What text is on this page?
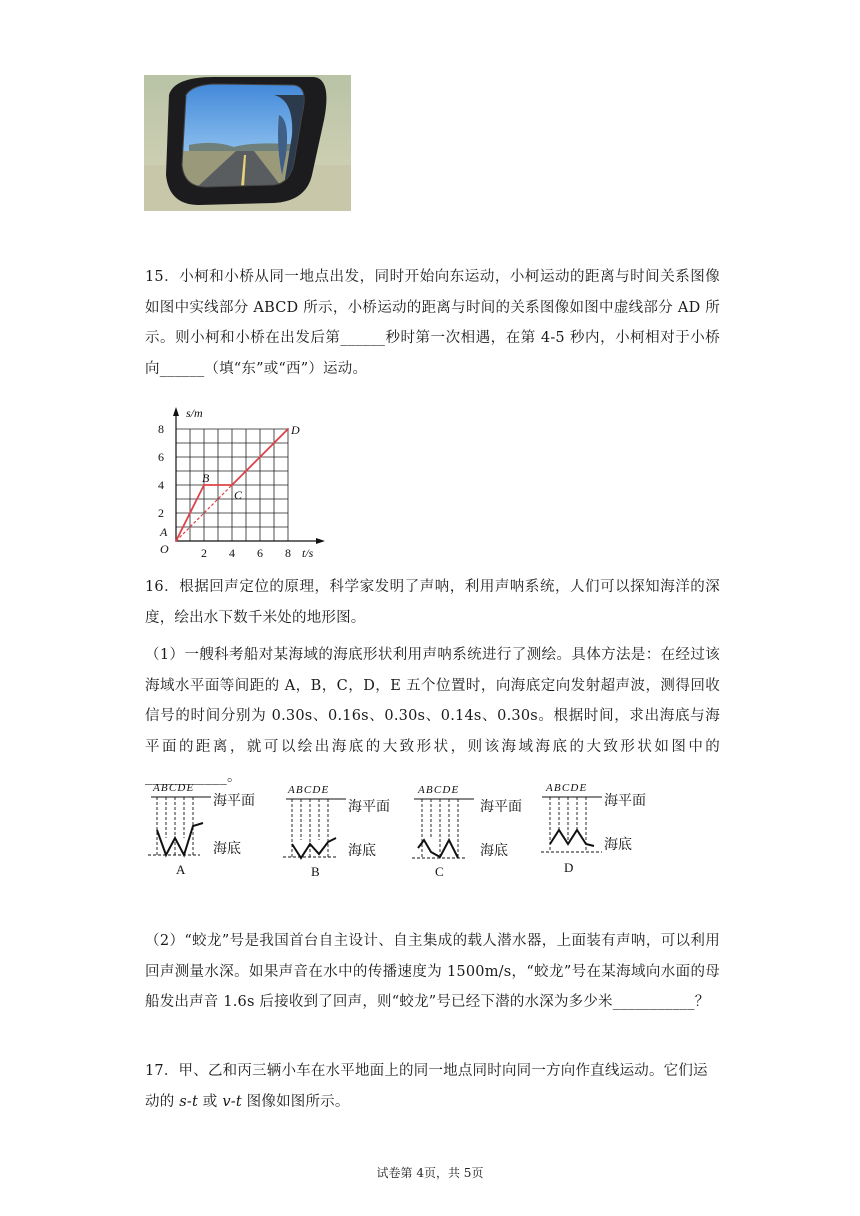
15．小柯和小桥从同一地点出发，同时开始向东运动，小柯运动的距离与时间关系图像如图中实线部分 ABCD 所示，小桥运动的距离与时间的关系图像如图中虚线部分 AD 所示。则小柯和小桥在出发后第______秒时第一次相遇，在第 4-5 秒内，小柯相对于小桥向______（填“东”或“西”）运动。
2 4 6 8
2
4
6
8
O
s/m
t/s
A
B
C
D
16．根据回声定位的原理，科学家发明了声呐，利用声呐系统，人们可以探知海洋的深度，绘出水下数千米处的地形图。
（1）一艘科考船对某海域的海底形状利用声呐系统进行了测绘。具体方法是：在经过该海域水平面等间距的 A，B，C，D，E 五个位置时，向海底定向发射超声波，测得回收信号的时间分别为 0.30s、0.16s、0.30s、0.14s、0.30s。根据时间，求出海底与海平面的距离，就可以绘出海底的大致形状，则该海域海底的大致形状如图中的___________。
ABCDE
海平面
海底
A
ABCDE
海平面
海底
B
ABCDE
海平面
海底
C
ABCDE
海平面
海底
D
（2）“蛟龙”号是我国首台自主设计、自主集成的载人潜水器，上面装有声呐，可以利用回声测量水深。如果声音在水中的传播速度为 1500m/s，“蛟龙”号在某海域向水面的母船发出声音 1.6s 后接收到了回声，则“蛟龙”号已经下潜的水深为多少米___________？
17．甲、乙和丙三辆小车在水平地面上的同一地点同时向同一方向作直线运动。它们运
动的 s-t 或 v-t 图像如图所示。
试卷第 4页，共 5页
